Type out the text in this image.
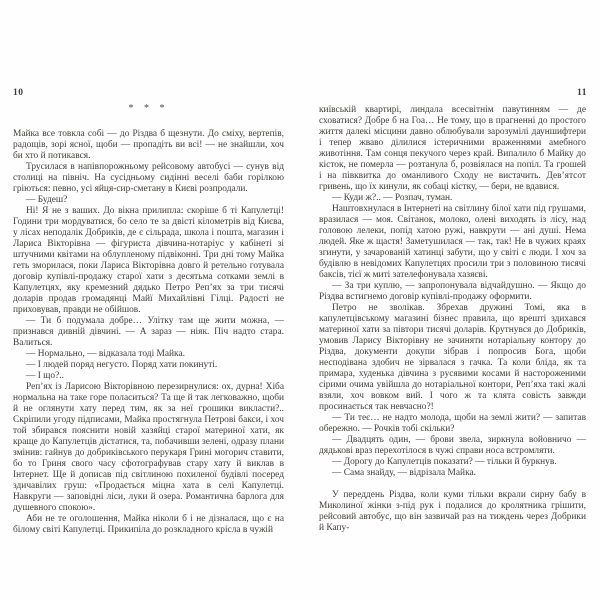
10	11
* * *

Майка все товкла собі — до Різдва б щезнути. До сміху, вертепів, радощів, зорі ясної, щоби — пропадіть ви всі! — не знайшли, хоч би хто й потикався.

Трусилася в напівпорожньому рейсовому автобусі — сунув від столиці на північ. На сусідньому сидінні веселі баби горілкою гріються: певно, усі яйця-сир-сметану в Києві розпродали.

— Будеш?

Ні! Я не з ваших. До вікна прилипла: скоріше б ті Капулетці! Години три мордуватися, бо село те за двісті кілометрів від Києва, у лісах неподалік Добриків, де є сільрада, школа і пошта, магазин і Лариса Вікторівна — фігуриста дівчина-нотаріус у кабінеті зі штучними квітами на облупленому підвіконні. Три дні тому Майка геть зморилася, поки Лариса Вікторівна довго й ретельно готувала договір купівлі-продажу старої хати з десятьма сотками землі в Капулетцях, яку кремезний дядько Петро Реп’ях за три тисячі доларів продав громадянці Майї Михайлівні Гілці. Радості не приховував, правди не обійшов.

— Ти б подумала добре… Улітку там ще жити можна, — признався дивній дівчині. — А зараз — ніяк. Піч надто стара. Валиться.

— Нормально, — відказала тоді Майка.

— І людей поряд негусто. Поряд хати покинуті.

— І що?..

Реп’ях із Ларисою Вікторівною перезирнулися: ох, дурна! Хіба нормальна на таке горе поласиться? Та ще й так легковажно, щоби й не оглянути хату перед тим, як за неї грошики викласти?.. Скріпили угоду підписами, Майка простягнула Петрові бакси, і хоч той збирався пояснити новій хазяйці старої материної хати, як краще до Капулетців дістатися, та, побачивши зелені, одразу плани змінив: гайнув до добриківського перукаря Грині могорич ставити, бо то Гриня свого часу сфотографував стару хату й виклав в Інтернет. Ще й дописав під світлиною похиленої будівлі посеред здичавілих груш: «Продається міцна хата в селі Капулетці. Навкруги — заповідні ліси, луки й озера. Романтична барлога для душевного спокою».

Аби не те оголошення, Майка ніколи б і не дізналася, що є на білому світі Капулетці. Прикипіла до розкладного крісла в чужій

київській квартирі, линдала всесвітнім павутинням — де сховатися? Добре б на Гоа… Не тому, що в прагненні до простого життя далекі місцини давно облюбували зарозумілі дауншифтери і тепер жваво ділилися істеричними враженнями амебного животіння. Там сонця пекучого через край. Випалило б Майку до кісток, не померла — розтанула б, розвіялася на попіл. Та грошей і на півквитка до оманливого Сходу не вистачить. Дев’ятсот гривень, що їх кинули, як собаці кістку, — бери, не вдавися.

— Куди ж?.. — Розпач, туман.

Наштовхнулася в Інтернеті на світлину білої хати під грушами, вразилася — моя. Світанок, молоко, олені виходять із лісу, над головою лелеки, попід хатою ружі, навкрути — ані душі. Нема людей. Яке ж щастя! Заметушилася — так, так! Не в чужих краях згинути, у зачарованій хатинці забути, що у світі є люди. І хоч за будівлю в невідомих Капулетцях просили три з половиною тисячі баксів, тієї ж миті зателефонувала хазяєві.

— За три куплю, — запропонувала відчайдушно. — Якщо до Різдва встигнемо договір купівлі-продажу оформити.

Петро не зволікав. Збрехав дружині Томі, яка в капулетцівському магазині бізнес правила, що врешті здихався материної хати за півтори тисячі доларів. Крутнувся до Добриків, умовив Ларису Вікторівну не зачиняти нотаріальну контору до Різдва, документи докупи зібрав і попросив Бога, щоби несподівана здобич не зірвалася з гачка. Та коли бліда, як та примара, худенька дівчина з русявими косами й настороженими сірими очима увійшла до нотаріальної контори, Реп’яха такі жалі взяли, хоч вовком вий. І чого ж та клята совість завжди просинається так невчасно?!

— Ти теє… не надто молода, щоби на землі жити? — запитав обережно. — Рочків тобі скільки?

— Двадцять один, — брови звела, зиркнула войовничо — дядькові враз перехотілося в чужі справи носа встромляти.

— Дорогу до Капулетців показати? — тільки й буркнув.

— Сама знайду, — відрізала Майка.

У переддень Різдва, коли куми тільки вкрали сирну бабу в Миколиної жінки з-під рук і подалися до кролятника грішити, рейсовий автобус, що він зазвичай раз на тиждень через Добрики й Капу-
